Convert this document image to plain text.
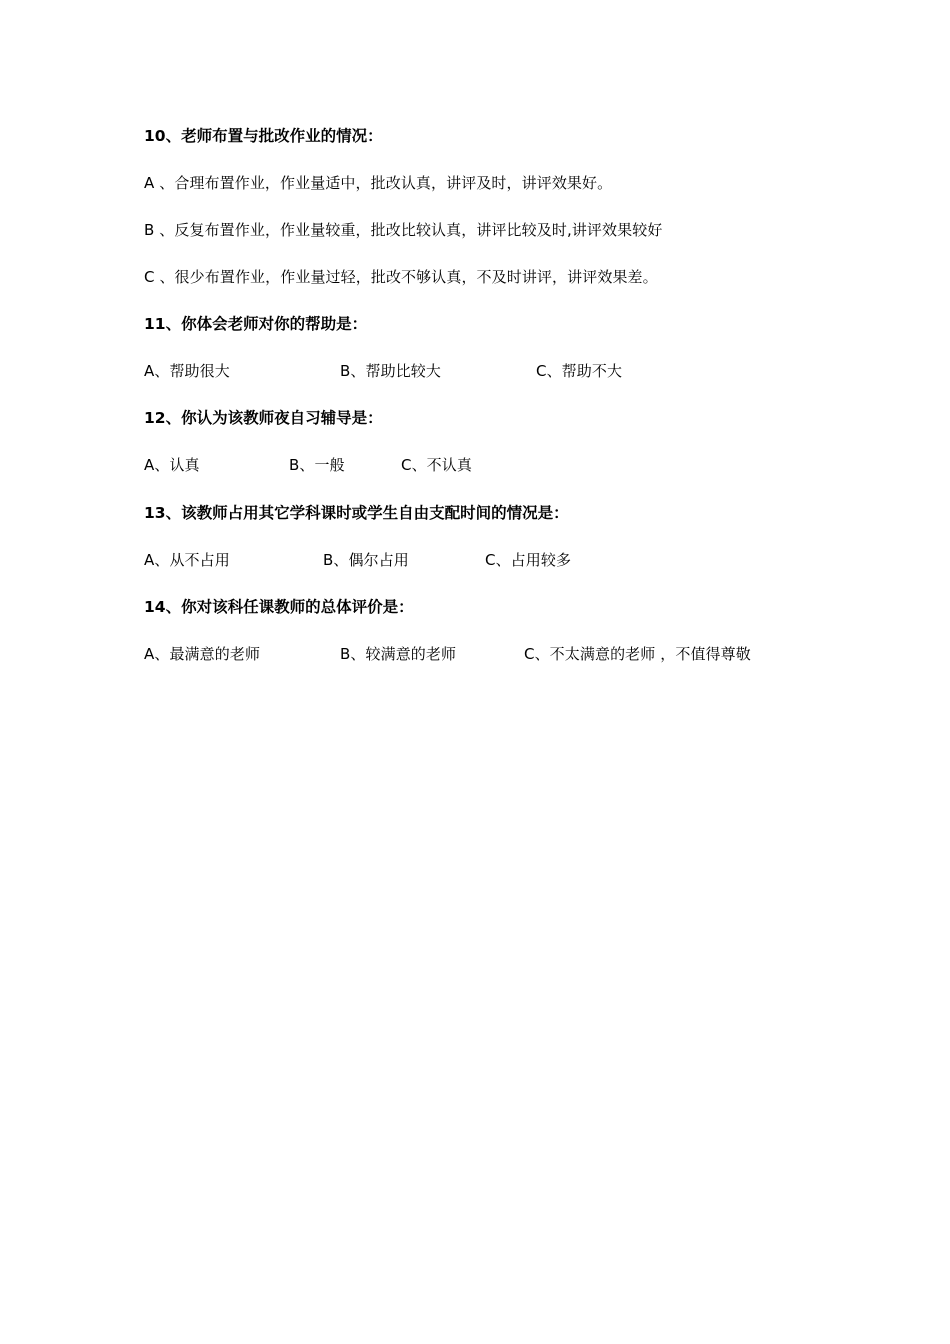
10、老师布置与批改作业的情况：
A 、合理布置作业，作业量适中，批改认真，讲评及时，讲评效果好。
B 、反复布置作业，作业量较重，批改比较认真，讲评比较及时,讲评效果较好
C 、很少布置作业，作业量过轻，批改不够认真，不及时讲评，讲评效果差。
11、你体会老师对你的帮助是：
A、帮助很大	B、帮助比较大	C、帮助不大
12、你认为该教师夜自习辅导是：
A、认真	B、一般	C、不认真
13、该教师占用其它学科课时或学生自由支配时间的情况是：
A、从不占用	B、偶尔占用	C、占用较多
14、你对该科任课教师的总体评价是：
A、最满意的老师	B、较满意的老师	C、不太满意的老师 ，不值得尊敬
